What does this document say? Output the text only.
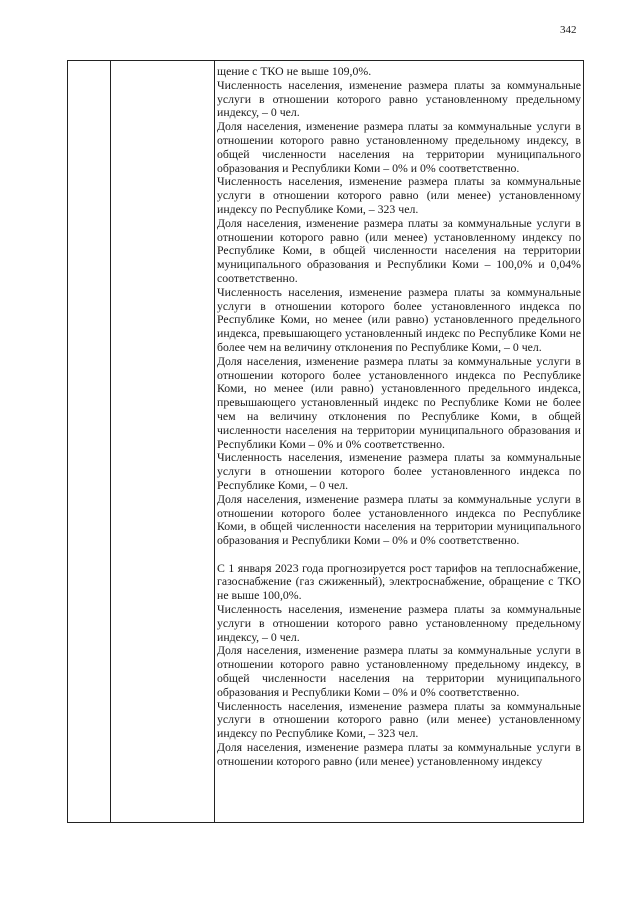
342

щение с ТКО не выше 109,0%.

Численность населения, изменение размера платы за коммунальные услуги в отношении которого равно установленному предельному индексу, – 0 чел.

Доля населения, изменение размера платы за коммунальные услуги в отношении которого равно установленному предельному индексу, в общей численности населения на территории муниципального образования и Республики Коми – 0% и 0% соответственно.

Численность населения, изменение размера платы за коммунальные услуги в отношении которого равно (или менее) установленному индексу по Республике Коми, – 323 чел.

Доля населения, изменение размера платы за коммунальные услуги в отношении которого равно (или менее) установленному индексу по Республике Коми, в общей численности населения на территории муниципального образования и Республики Коми – 100,0% и 0,04% соответственно.

Численность населения, изменение размера платы за коммунальные услуги в отношении которого более установленного индекса по Республике Коми, но менее (или равно) установленного предельного индекса, превышающего установленный индекс по Республике Коми не более чем на величину отклонения по Республике Коми, – 0 чел.

Доля населения, изменение размера платы за коммунальные услуги в отношении которого более установленного индекса по Республике Коми, но менее (или равно) установленного предельного индекса, превышающего установленный индекс по Республике Коми не более чем на величину отклонения по Республике Коми, в общей численности населения на территории муниципального образования и Республики Коми – 0% и 0% соответственно.

Численность населения, изменение размера платы за коммунальные услуги в отношении которого более установленного индекса по Республике Коми, – 0 чел.

Доля населения, изменение размера платы за коммунальные услуги в отношении которого более установленного индекса по Республике Коми, в общей численности населения на территории муниципального образования и Республики Коми – 0% и 0% соответственно.

С 1 января 2023 года прогнозируется рост тарифов на теплоснабжение, газоснабжение (газ сжиженный), электроснабжение, обращение с ТКО не выше 100,0%.

Численность населения, изменение размера платы за коммунальные услуги в отношении которого равно установленному предельному индексу, – 0 чел.

Доля населения, изменение размера платы за коммунальные услуги в отношении которого равно установленному предельному индексу, в общей численности населения на территории муниципального образования и Республики Коми – 0% и 0% соответственно.

Численность населения, изменение размера платы за коммунальные услуги в отношении которого равно (или менее) установленному индексу по Республике Коми, – 323 чел.

Доля населения, изменение размера платы за коммунальные услуги в отношении которого равно (или менее) установленному индексу
